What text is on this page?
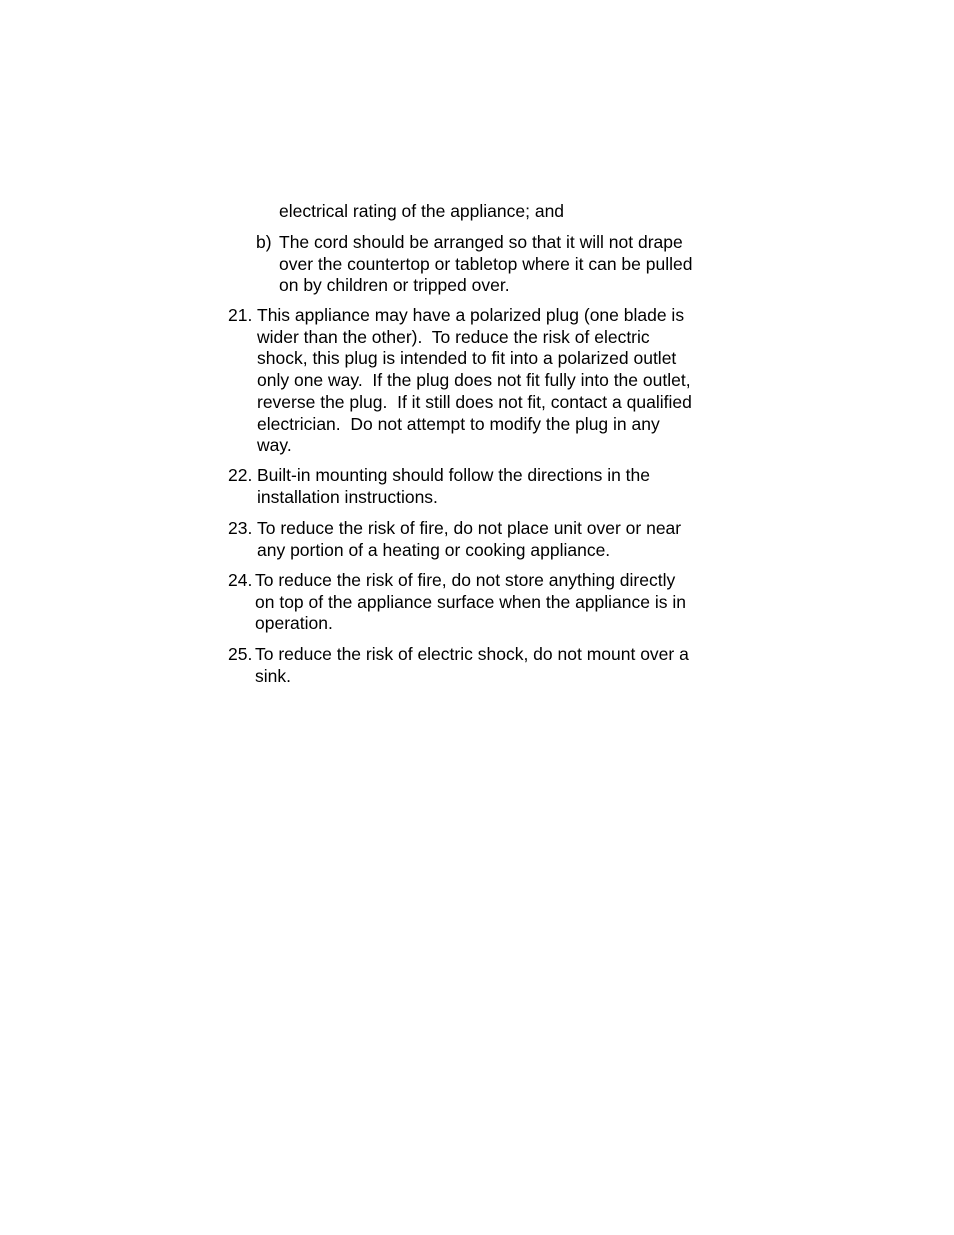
electrical rating of the appliance; and
b) The cord should be arranged so that it will not drape
over the countertop or tabletop where it can be pulled
on by children or tripped over.
21. This appliance may have a polarized plug (one blade is
wider than the other).  To reduce the risk of electric
shock, this plug is intended to fit into a polarized outlet
only one way.  If the plug does not fit fully into the outlet,
reverse the plug.  If it still does not fit, contact a qualified
electrician.  Do not attempt to modify the plug in any
way.
22. Built-in mounting should follow the directions in the
installation instructions.
23. To reduce the risk of fire, do not place unit over or near
any portion of a heating or cooking appliance.
24. To reduce the risk of fire, do not store anything directly
on top of the appliance surface when the appliance is in
operation.
25. To reduce the risk of electric shock, do not mount over a
sink.
